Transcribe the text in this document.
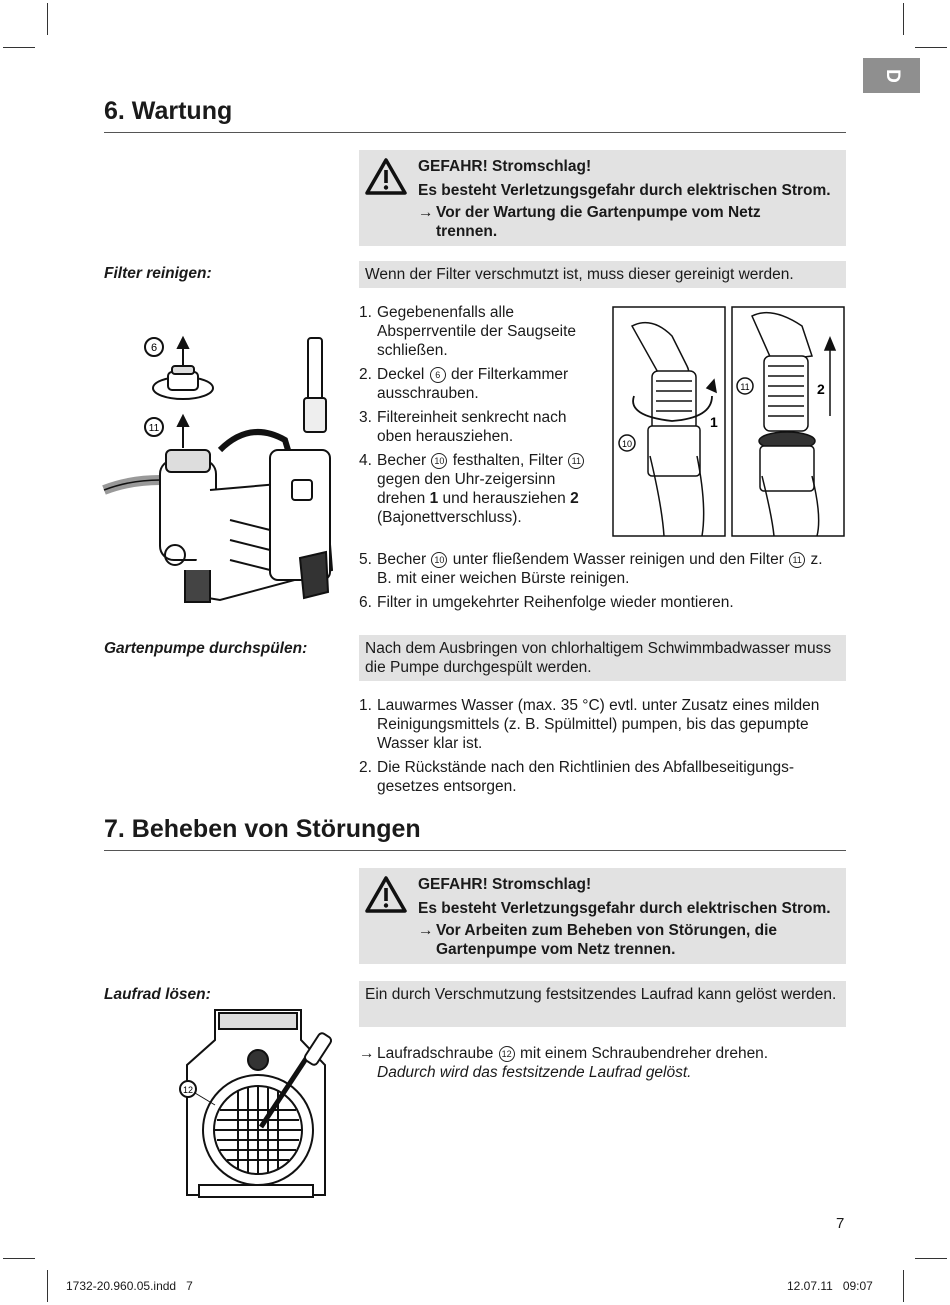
D
6. Wartung
GEFAHR! Stromschlag!
Es besteht Verletzungsgefahr durch elektrischen Strom.
→ Vor der Wartung die Gartenpumpe vom Netz trennen.
Filter reinigen:	Wenn der Filter verschmutzt ist, muss dieser gereinigt werden.
6
11
1. Gegebenenfalls alle Absperrventile der Saugseite schließen.
2. Deckel 6 der Filterkammer ausschrauben.
3. Filtereinheit senkrecht nach oben herausziehen.
4. Becher 10 festhalten, Filter 11 gegen den Uhr-zeigersinn drehen 1 und herausziehen 2 (Bajonettverschluss).
10
11
1
2
5. Becher 10 unter fließendem Wasser reinigen und den Filter 11 z. B. mit einer weichen Bürste reinigen.
6. Filter in umgekehrter Reihenfolge wieder montieren.
Gartenpumpe durchspülen:	Nach dem Ausbringen von chlorhaltigem Schwimmbadwasser muss die Pumpe durchgespült werden.
1. Lauwarmes Wasser (max. 35 °C) evtl. unter Zusatz eines milden Reinigungsmittels (z. B. Spülmittel) pumpen, bis das gepumpte Wasser klar ist.
2. Die Rückstände nach den Richtlinien des Abfallbeseitigungs-gesetzes entsorgen.
7. Beheben von Störungen
GEFAHR! Stromschlag!
Es besteht Verletzungsgefahr durch elektrischen Strom.
→ Vor Arbeiten zum Beheben von Störungen, die Gartenpumpe vom Netz trennen.
Laufrad lösen:	Ein durch Verschmutzung festsitzendes Laufrad kann gelöst werden.
→ Laufradschraube 12 mit einem Schraubendreher drehen.
Dadurch wird das festsitzende Laufrad gelöst.
12
7
1732-20.960.05.indd   7	12.07.11   09:07
